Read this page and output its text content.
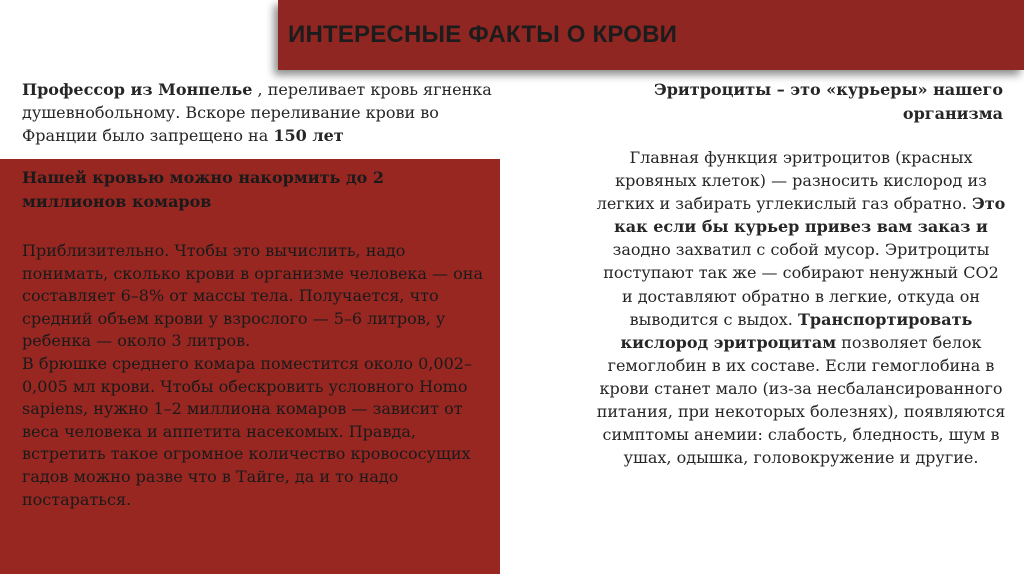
ИНТЕРЕСНЫЕ ФАКТЫ О КРОВИ
Профессор из Монпелье , переливает кровь ягненка душевнобольному. Вскоре переливание крови во Франции было запрещено на 150 лет
Нашей кровью можно накормить до 2 миллионов комаров

Приблизительно. Чтобы это вычислить, надо понимать, сколько крови в организме человека — она составляет 6–8% от массы тела. Получается, что средний объем крови у взрослого — 5–6 литров, у ребенка — около 3 литров.

В брюшке среднего комара поместится около 0,002–0,005 мл крови. Чтобы обескровить условного Homo sapiens, нужно 1–2 миллиона комаров — зависит от веса человека и аппетита насекомых. Правда, встретить такое огромное количество кровососущих гадов можно разве что в Тайге, да и то надо постараться.

Эритроциты – это «курьеры» нашего организма
Главная функция эритроцитов (красных кровяных клеток) — разносить кислород из легких и забирать углекислый газ обратно. Это как если бы курьер привез вам заказ и заодно захватил с собой мусор. Эритроциты поступают так же — собирают ненужный CO2 и доставляют обратно в легкие, откуда он выводится с выдох. Транспортировать кислород эритроцитам позволяет белок гемоглобин в их составе. Если гемоглобина в крови станет мало (из-за несбалансированного питания, при некоторых болезнях), появляются симптомы анемии: слабость, бледность, шум в ушах, одышка, головокружение и другие.
